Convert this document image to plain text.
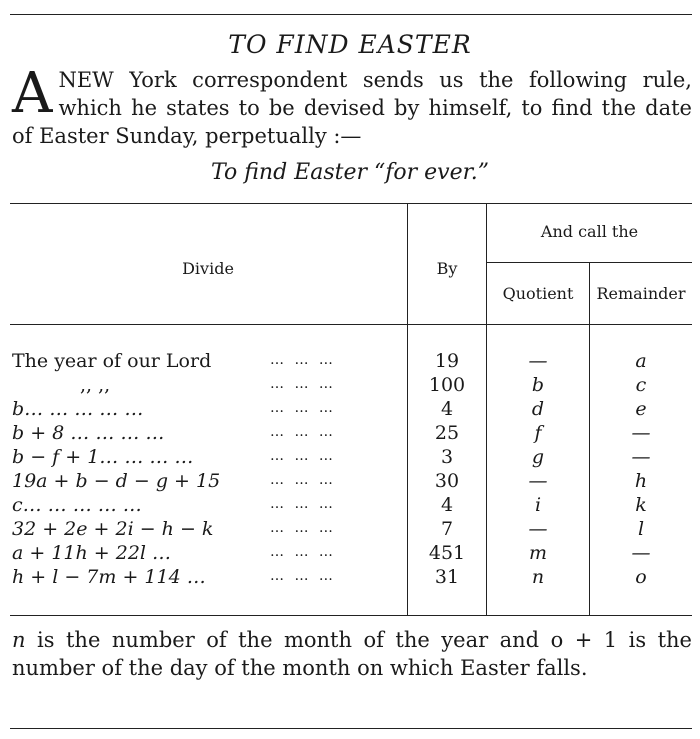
TO FIND EASTER

ANEW York correspondent sends us the following rule, which he states to be devised by himself, to find the date of Easter Sunday, perpetually :—

To find Easter “for ever.”
Divide	By
And call the
Quotient	Remainder
The year of our Lord	… … …	19	—	a
,, ,,	… … …	100	b	c
b… … … … …	… … …	4	d	e
b + 8 … … … …	… … …	25	f	—
b − f + 1… … … …	… … …	3	g	—
19a + b − d − g + 15	… … …	30	—	h
c… … … … …	… … …	4	i	k
32 + 2e + 2i − h − k	… … …	7	—	l
a + 11h + 22l …	… … …	451	m	—
h + l − 7m + 114 …	… … …	31	n	o

n is the number of the month of the year and o + 1 is the number of the day of the month on which Easter falls.
